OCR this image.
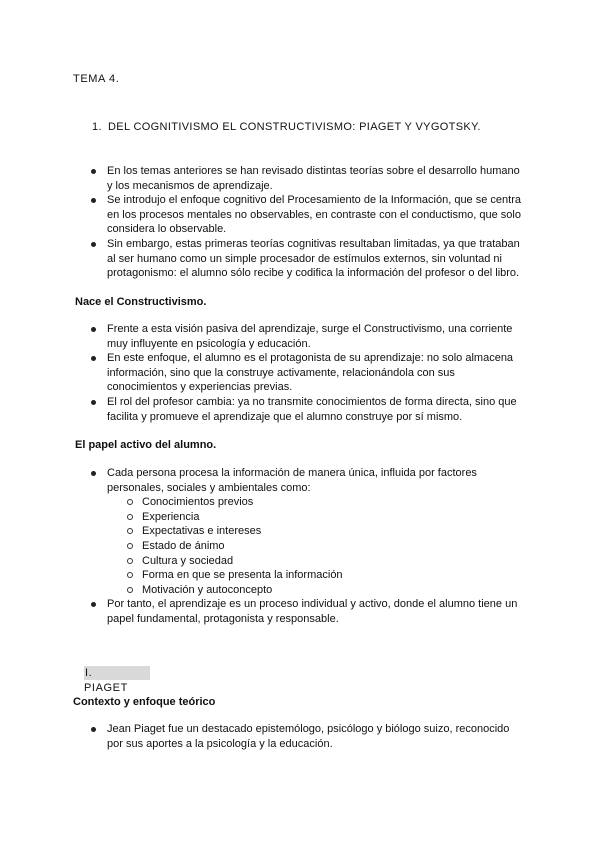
TEMA 4.
1. DEL COGNITIVISMO EL CONSTRUCTIVISMO: PIAGET Y VYGOTSKY.
En los temas anteriores se han revisado distintas teorías sobre el desarrollo humano y los mecanismos de aprendizaje.
Se introdujo el enfoque cognitivo del Procesamiento de la Información, que se centra en los procesos mentales no observables, en contraste con el conductismo, que solo considera lo observable.
Sin embargo, estas primeras teorías cognitivas resultaban limitadas, ya que trataban al ser humano como un simple procesador de estímulos externos, sin voluntad ni protagonismo: el alumno sólo recibe y codifica la información del profesor o del libro.
Nace el Constructivismo.
Frente a esta visión pasiva del aprendizaje, surge el Constructivismo, una corriente muy influyente en psicología y educación.
En este enfoque, el alumno es el protagonista de su aprendizaje: no solo almacena información, sino que la construye activamente, relacionándola con sus conocimientos y experiencias previas.
El rol del profesor cambia: ya no transmite conocimientos de forma directa, sino que facilita y promueve el aprendizaje que el alumno construye por sí mismo.
El papel activo del alumno.
Cada persona procesa la información de manera única, influida por factores personales, sociales y ambientales como:
Conocimientos previos
Experiencia
Expectativas e intereses
Estado de ánimo
Cultura y sociedad
Forma en que se presenta la información
Motivación y autoconcepto
Por tanto, el aprendizaje es un proceso individual y activo, donde el alumno tiene un papel fundamental, protagonista y responsable.
I.PIAGET
Contexto y enfoque teórico
Jean Piaget fue un destacado epistemólogo, psicólogo y biólogo suizo, reconocido por sus aportes a la psicología y la educación.
